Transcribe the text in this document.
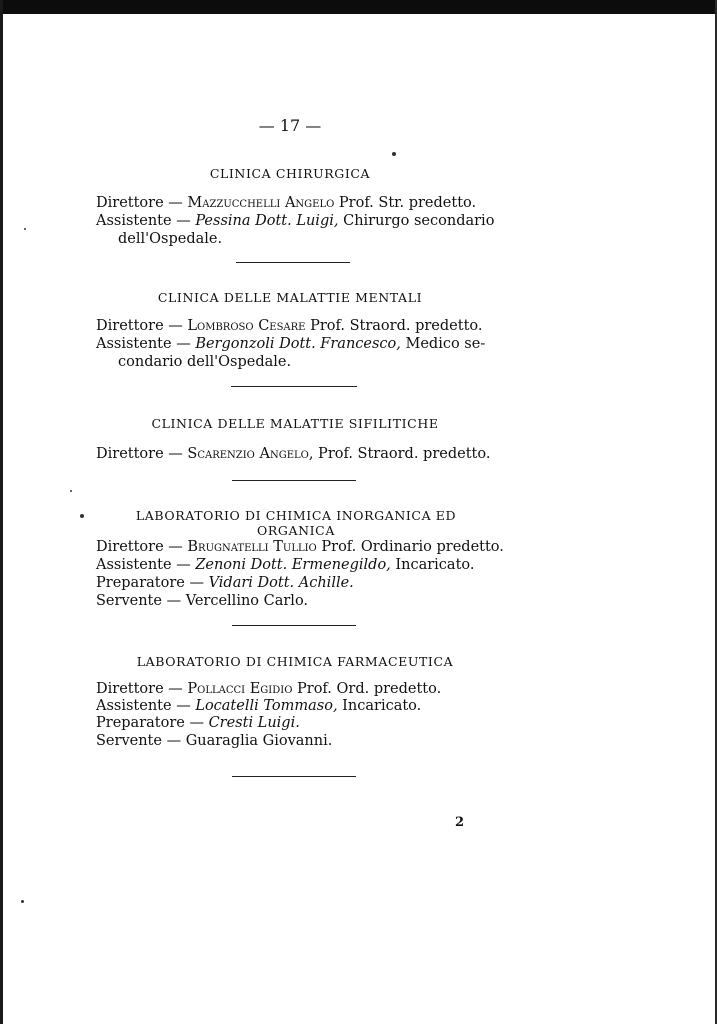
— 17 —
CLINICA CHIRURGICA
Direttore — Mazzucchelli Angelo Prof. Str. predetto.
Assistente — Pessina Dott. Luigi, Chirurgo secondario
dell'Ospedale.
CLINICA DELLE MALATTIE MENTALI
Direttore — Lombroso Cesare Prof. Straord. predetto.
Assistente — Bergonzoli Dott. Francesco, Medico se-
condario dell'Ospedale.
CLINICA DELLE MALATTIE SIFILITICHE
Direttore — Scarenzio Angelo, Prof. Straord. predetto.
LABORATORIO DI CHIMICA INORGANICA ED ORGANICA
Direttore — Brugnatelli Tullio Prof. Ordinario predetto.
Assistente — Zenoni Dott. Ermenegildo, Incaricato.
Preparatore — Vidari Dott. Achille.
Servente — Vercellino Carlo.
LABORATORIO DI CHIMICA FARMACEUTICA
Direttore — Pollacci Egidio Prof. Ord. predetto.
Assistente — Locatelli Tommaso, Incaricato.
Preparatore — Cresti Luigi.
Servente — Guaraglia Giovanni.
2
